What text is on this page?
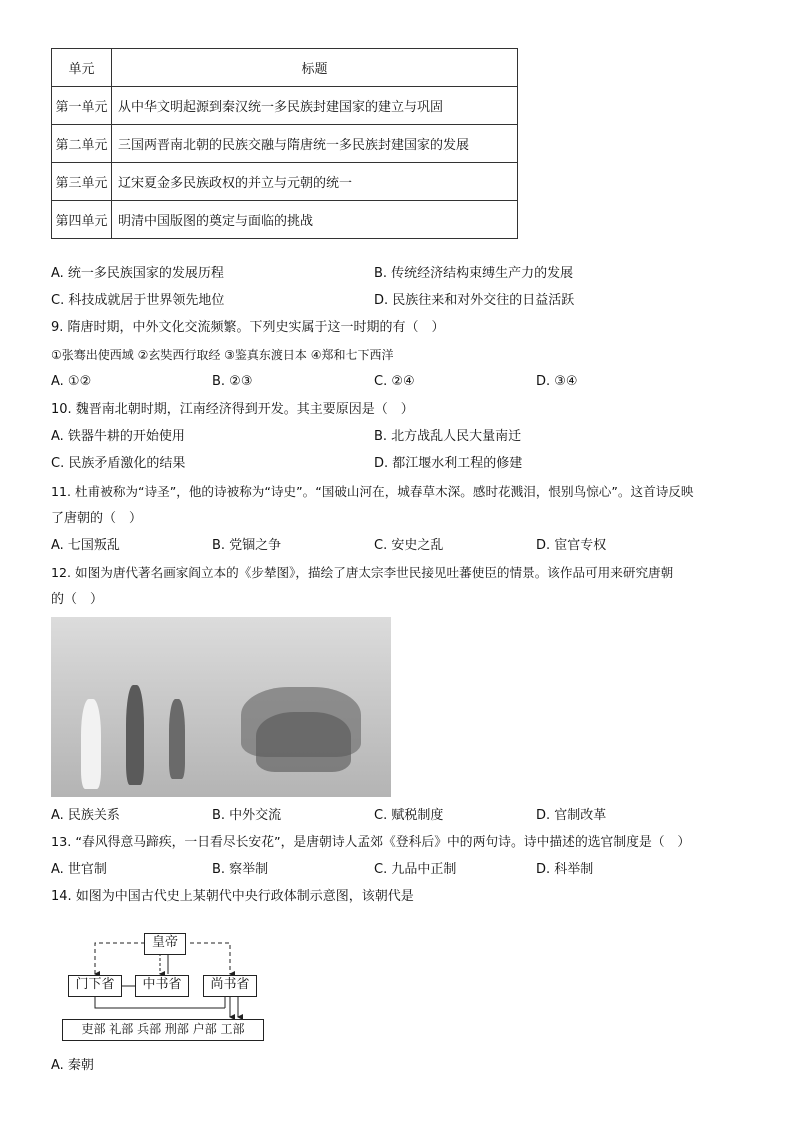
单元	标题
第一单元	从中华文明起源到秦汉统一多民族封建国家的建立与巩固
第二单元	三国两晋南北朝的民族交融与隋唐统一多民族封建国家的发展
第三单元	辽宋夏金多民族政权的并立与元朝的统一
第四单元	明清中国版图的奠定与面临的挑战
A. 统一多民族国家的发展历程	B. 传统经济结构束缚生产力的发展
C. 科技成就居于世界领先地位	D. 民族往来和对外交往的日益活跃
9. 隋唐时期，中外文化交流频繁。下列史实属于这一时期的有（　）
①张骞出使西域 ②玄奘西行取经 ③鉴真东渡日本 ④郑和七下西洋
A. ①②	B. ②③	C. ②④	D. ③④
10. 魏晋南北朝时期，江南经济得到开发。其主要原因是（　）
A. 铁器牛耕的开始使用	B. 北方战乱人民大量南迁
C. 民族矛盾激化的结果	D. 都江堰水利工程的修建
11. 杜甫被称为“诗圣”，他的诗被称为“诗史”。“国破山河在，城春草木深。感时花溅泪，恨别鸟惊心”。这首诗反映
了唐朝的（　）
A. 七国叛乱	B. 党锢之争	C. 安史之乱	D. 宦官专权
12. 如图为唐代著名画家阎立本的《步辇图》，描绘了唐太宗李世民接见吐蕃使臣的情景。该作品可用来研究唐朝
的（　）
A. 民族关系	B. 中外交流	C. 赋税制度	D. 官制改革
13. “春风得意马蹄疾，一日看尽长安花”，是唐朝诗人孟郊《登科后》中的两句诗。诗中描述的选官制度是（　）
A. 世官制	B. 察举制	C. 九品中正制	D. 科举制
14. 如图为中国古代史上某朝代中央行政体制示意图，该朝代是
皇帝
门下省	中书省	尚书省
吏部 礼部 兵部 刑部 户部 工部
A. 秦朝
